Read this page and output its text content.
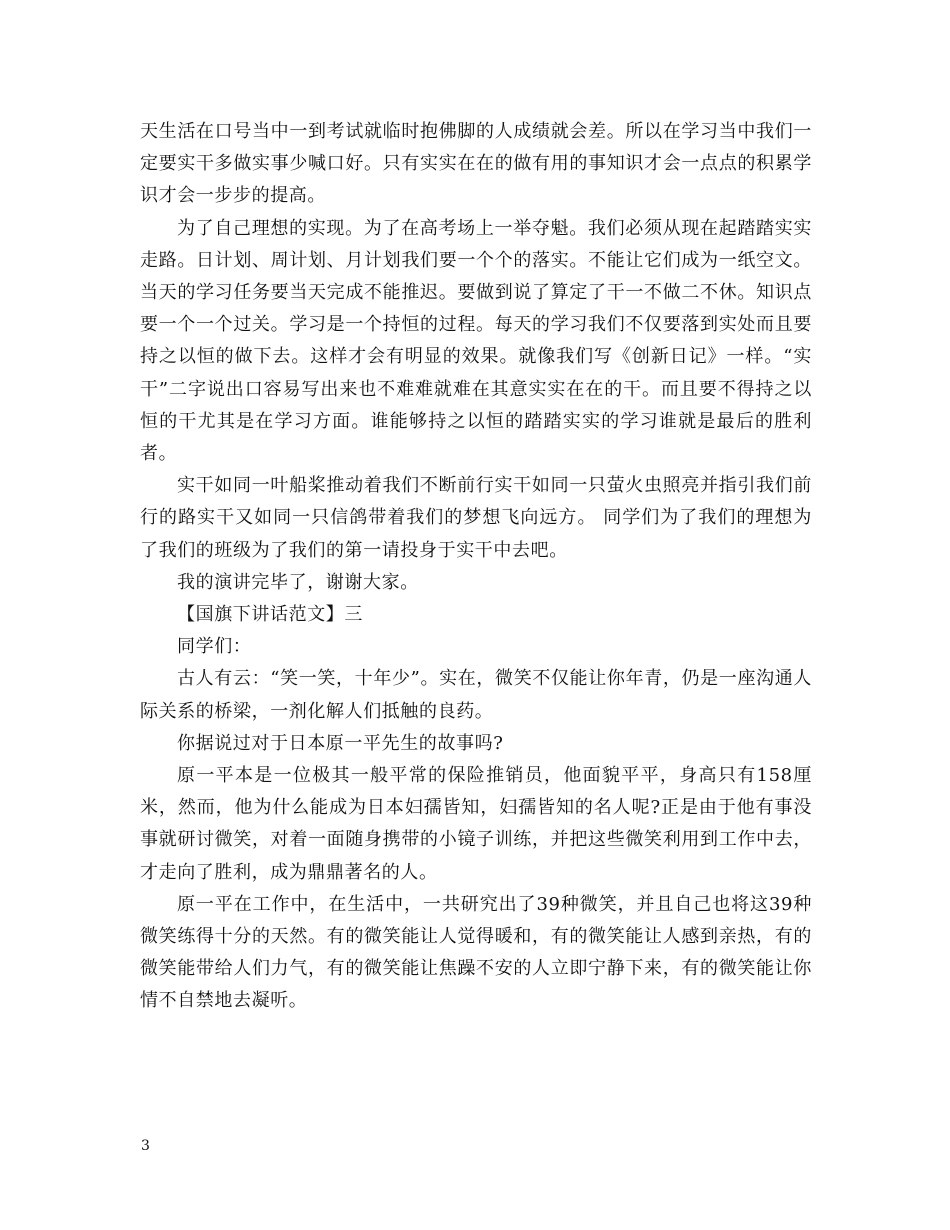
天生活在口号当中一到考试就临时抱佛脚的人成绩就会差。所以在学习当中我们一定要实干多做实事少喊口好。只有实实在在的做有用的事知识才会一点点的积累学识才会一步步的提高。

为了自己理想的实现。为了在高考场上一举夺魁。我们必须从现在起踏踏实实走路。日计划、周计划、月计划我们要一个个的落实。不能让它们成为一纸空文。当天的学习任务要当天完成不能推迟。要做到说了算定了干一不做二不休。知识点要一个一个过关。学习是一个持恒的过程。每天的学习我们不仅要落到实处而且要持之以恒的做下去。这样才会有明显的效果。就像我们写《创新日记》一样。“实干”二字说出口容易写出来也不难难就难在其意实实在在的干。而且要不得持之以恒的干尤其是在学习方面。谁能够持之以恒的踏踏实实的学习谁就是最后的胜利者。

实干如同一叶船桨推动着我们不断前行实干如同一只萤火虫照亮并指引我们前行的路实干又如同一只信鸽带着我们的梦想飞向远方。 同学们为了我们的理想为了我们的班级为了我们的第一请投身于实干中去吧。

我的演讲完毕了，谢谢大家。

【国旗下讲话范文】三

同学们：

古人有云：“笑一笑，十年少”。实在，微笑不仅能让你年青，仍是一座沟通人际关系的桥梁，一剂化解人们抵触的良药。

你据说过对于日本原一平先生的故事吗?

原一平本是一位极其一般平常的保险推销员，他面貌平平，身高只有158厘米，然而，他为什么能成为日本妇孺皆知，妇孺皆知的名人呢?正是由于他有事没事就研讨微笑，对着一面随身携带的小镜子训练，并把这些微笑利用到工作中去，才走向了胜利，成为鼎鼎著名的人。

原一平在工作中，在生活中，一共研究出了39种微笑，并且自己也将这39种微笑练得十分的天然。有的微笑能让人觉得暖和，有的微笑能让人感到亲热，有的微笑能带给人们力气，有的微笑能让焦躁不安的人立即宁静下来，有的微笑能让你情不自禁地去凝听。

3
